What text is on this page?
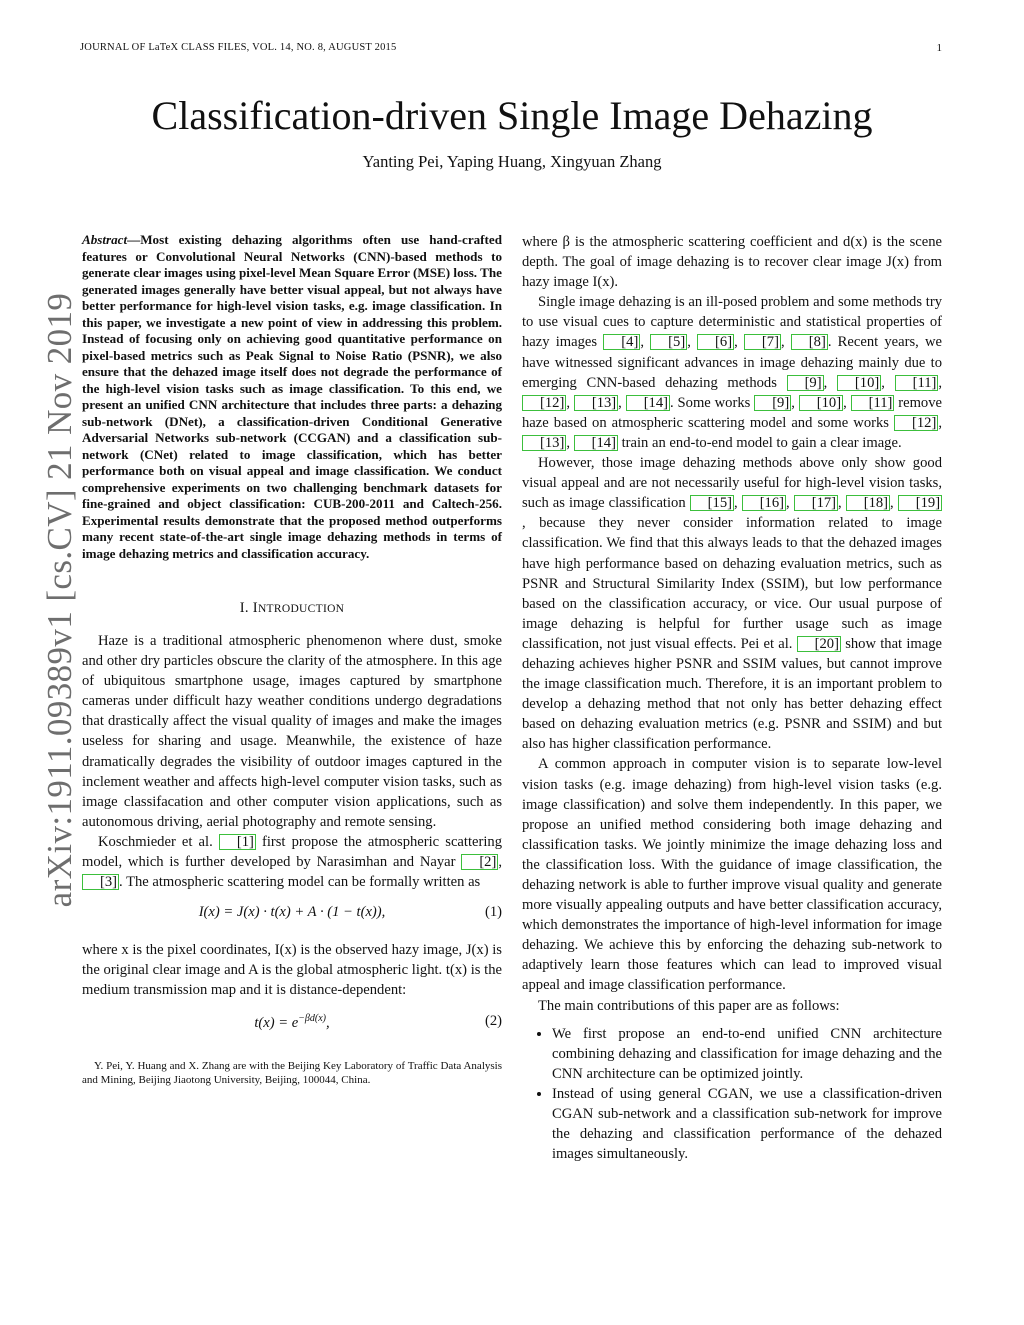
JOURNAL OF LaTeX CLASS FILES, VOL. 14, NO. 8, AUGUST 2015	1
Classification-driven Single Image Dehazing
Yanting Pei, Yaping Huang, Xingyuan Zhang
arXiv:1911.09389v1 [cs.CV] 21 Nov 2019

Abstract—Most existing dehazing algorithms often use hand-crafted features or Convolutional Neural Networks (CNN)-based methods to generate clear images using pixel-level Mean Square Error (MSE) loss. The generated images generally have better visual appeal, but not always have better performance for high-level vision tasks, e.g. image classification. In this paper, we investigate a new point of view in addressing this problem. Instead of focusing only on achieving good quantitative performance on pixel-based metrics such as Peak Signal to Noise Ratio (PSNR), we also ensure that the dehazed image itself does not degrade the performance of the high-level vision tasks such as image classification. To this end, we present an unified CNN architecture that includes three parts: a dehazing sub-network (DNet), a classification-driven Conditional Generative Adversarial Networks sub-network (CCGAN) and a classification sub-network (CNet) related to image classification, which has better performance both on visual appeal and image classification. We conduct comprehensive experiments on two challenging benchmark datasets for fine-grained and object classification: CUB-200-2011 and Caltech-256. Experimental results demonstrate that the proposed method outperforms many recent state-of-the-art single image dehazing methods in terms of image dehazing metrics and classification accuracy.

I. INTRODUCTION

Haze is a traditional atmospheric phenomenon where dust, smoke and other dry particles obscure the clarity of the atmosphere. In this age of ubiquitous smartphone usage, images captured by smartphone cameras under difficult hazy weather conditions undergo degradations that drastically affect the visual quality of images and make the images useless for sharing and usage. Meanwhile, the existence of haze dramatically degrades the visibility of outdoor images captured in the inclement weather and affects high-level computer vision tasks, such as image classifacation and other computer vision applications, such as autonomous driving, aerial photography and remote sensing.

Koschmieder et al. [1] first propose the atmospheric scattering model, which is further developed by Narasimhan and Nayar [2] , [3] . The atmospheric scattering model can be formally written as

I(x) = J(x) · t(x) + A · (1 − t(x)),	(1)

where x is the pixel coordinates, I(x) is the observed hazy image, J(x) is the original clear image and A is the global atmospheric light. t(x) is the medium transmission map and it is distance-dependent:

$t(x) = e^{-\beta d(x)}$,	(2)

Y. Pei, Y. Huang and X. Zhang are with the Beijing Key Laboratory of Traffic Data Analysis and Mining, Beijing Jiaotong University, Beijing, 100044, China.

where β is the atmospheric scattering coefficient and d(x) is the scene depth. The goal of image dehazing is to recover clear image J(x) from hazy image I(x).

Single image dehazing is an ill-posed problem and some methods try to use visual cues to capture deterministic and statistical properties of hazy images [4] , [5] , [6] , [7] , [8] . Recent years, we have witnessed significant advances in image dehazing mainly due to emerging CNN-based dehazing methods [9] , [10] , [11] , [12] , [13] , [14] . Some works [9] , [10] , [11] remove haze based on atmospheric scattering model and some works [12] , [13] , [14] train an end-to-end model to gain a clear image.

However, those image dehazing methods above only show good visual appeal and are not necessarily useful for high-level vision tasks, such as image classification [15] , [16] , [17] , [18] , [19], because they never consider information related to image classification. We find that this always leads to that the dehazed images have high performance based on dehazing evaluation metrics, such as PSNR and Structural Similarity Index (SSIM), but low performance based on the classification accuracy, or vice. Our usual purpose of image dehazing is helpful for further usage such as image classification, not just visual effects. Pei et al. [20] show that image dehazing achieves higher PSNR and SSIM values, but cannot improve the image classification much. Therefore, it is an important problem to develop a dehazing method that not only has better dehazing effect based on dehazing evaluation metrics (e.g. PSNR and SSIM) and but also has higher classification performance.

A common approach in computer vision is to separate low-level vision tasks (e.g. image dehazing) from high-level vision tasks (e.g. image classification) and solve them independently. In this paper, we propose an unified method considering both image dehazing and classification tasks. We jointly minimize the image dehazing loss and the classification loss. With the guidance of image classification, the dehazing network is able to further improve visual quality and generate more visually appealing outputs and have better classification accuracy, which demonstrates the importance of high-level information for image dehazing. We achieve this by enforcing the dehazing sub-network to adaptively learn those features which can lead to improved visual appeal and image classification performance.

The main contributions of this paper are as follows:

• We first propose an end-to-end unified CNN architecture combining dehazing and classification for image dehazing and the CNN architecture can be optimized jointly.
• Instead of using general CGAN, we use a classification-driven CGAN sub-network and a classification sub-network for improve the dehazing and classification performance of the dehazed images simultaneously.
